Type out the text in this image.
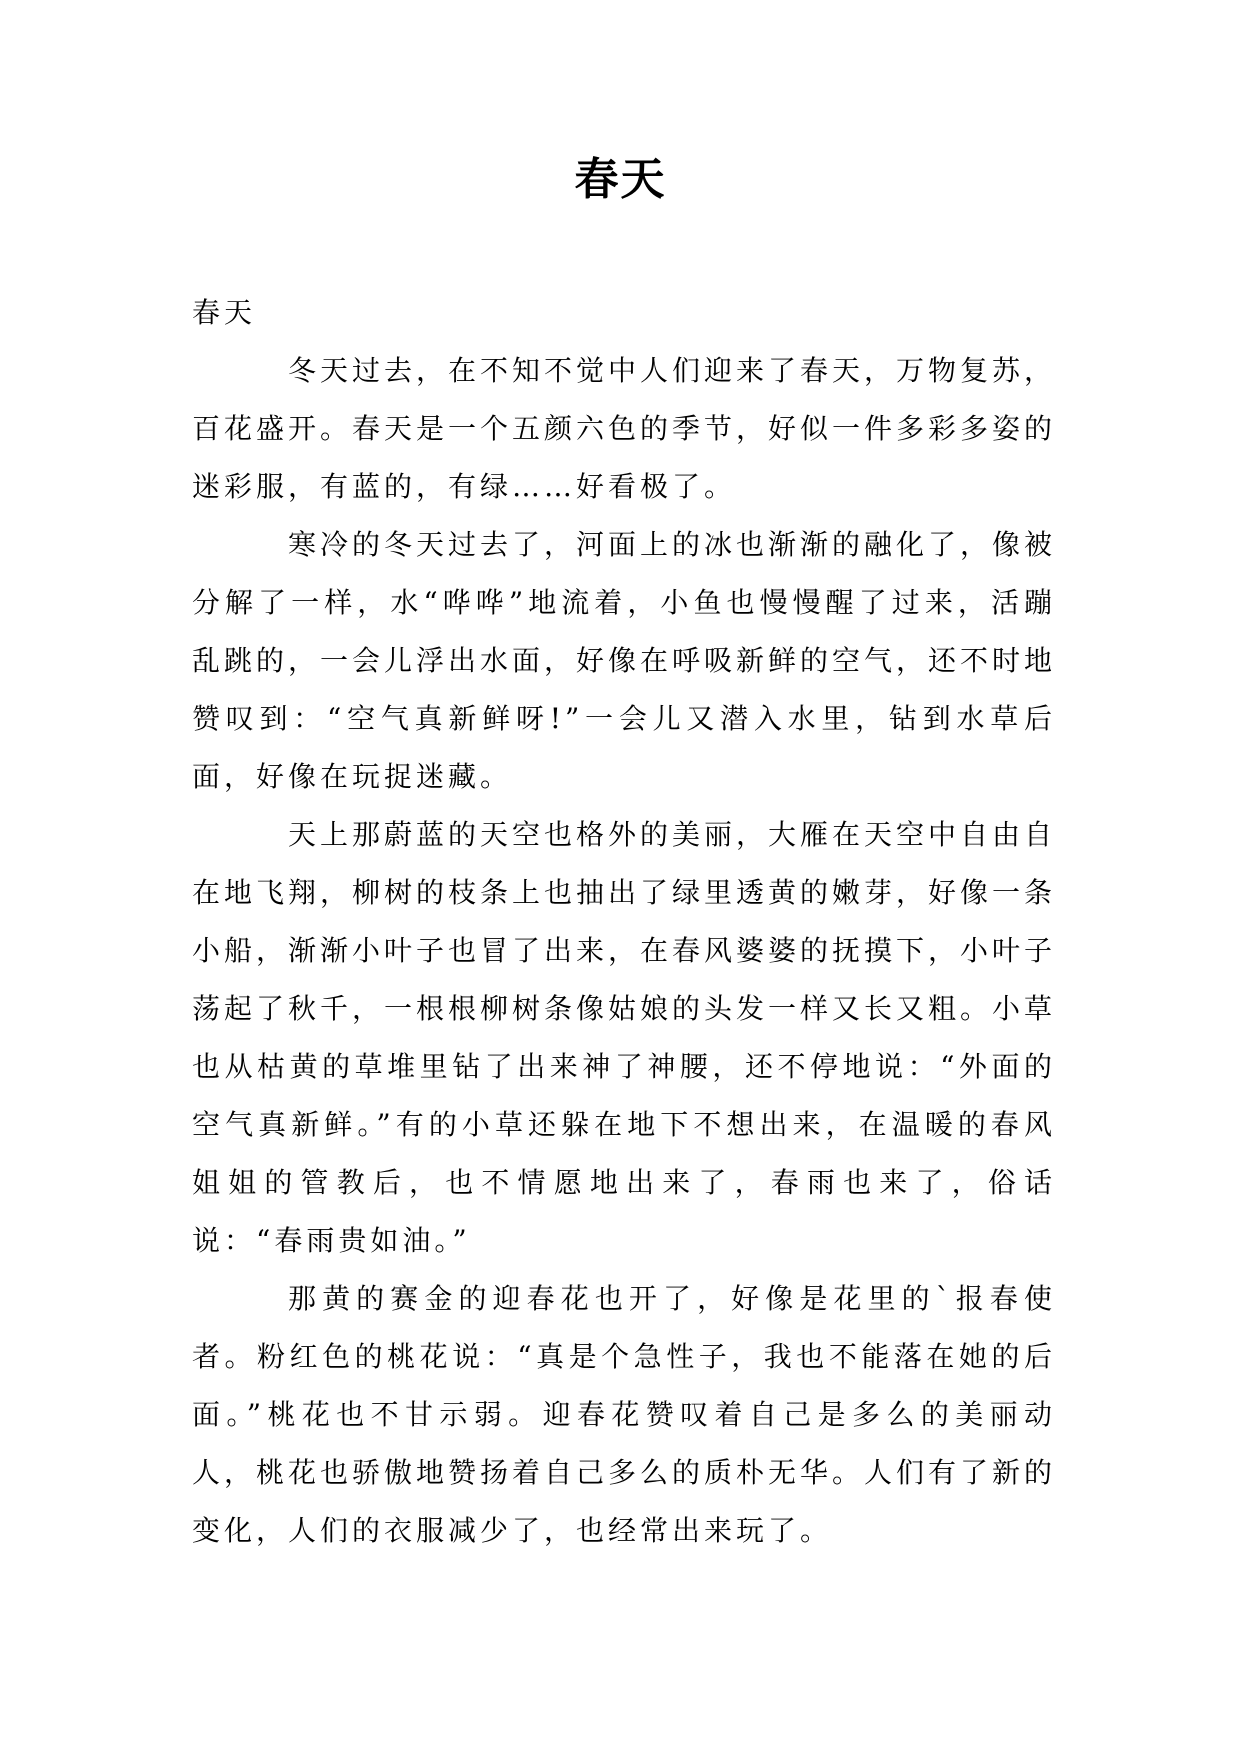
春天

春天

冬天过去，在不知不觉中人们迎来了春天，万物复苏，百花盛开。春天是一个五颜六色的季节，好似一件多彩多姿的迷彩服，有蓝的，有绿……好看极了。

寒冷的冬天过去了，河面上的冰也渐渐的融化了，像被分解了一样，水“哗哗”地流着，小鱼也慢慢醒了过来，活蹦乱跳的，一会儿浮出水面，好像在呼吸新鲜的空气，还不时地赞叹到：“空气真新鲜呀!”一会儿又潜入水里，钻到水草后面，好像在玩捉迷藏。

天上那蔚蓝的天空也格外的美丽，大雁在天空中自由自在地飞翔，柳树的枝条上也抽出了绿里透黄的嫩芽，好像一条小船，渐渐小叶子也冒了出来，在春风婆婆的抚摸下，小叶子荡起了秋千，一根根柳树条像姑娘的头发一样又长又粗。小草也从枯黄的草堆里钻了出来神了神腰，还不停地说：“外面的空气真新鲜。”有的小草还躲在地下不想出来，在温暖的春风姐姐的管教后，也不情愿地出来了，春雨也来了，俗话说：“春雨贵如油。”

那黄的赛金的迎春花也开了，好像是花里的`报春使者。粉红色的桃花说：“真是个急性子，我也不能落在她的后面。”桃花也不甘示弱。迎春花赞叹着自己是多么的美丽动人，桃花也骄傲地赞扬着自己多么的质朴无华。人们有了新的变化，人们的衣服减少了，也经常出来玩了。
